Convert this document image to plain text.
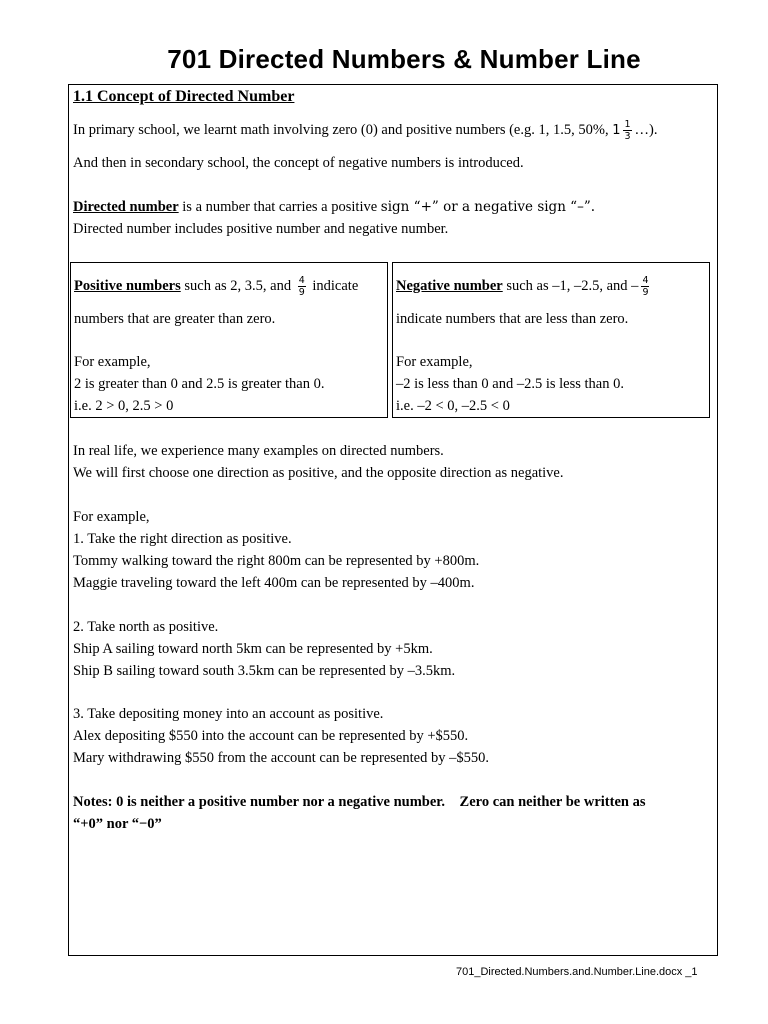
701 Directed Numbers & Number Line
1.1 Concept of Directed Number
In primary school, we learnt math involving zero (0) and positive numbers (e.g. 1, 1.5, 50%, $1 \frac{1}{3}$ …).
And then in secondary school, the concept of negative numbers is introduced.
Directed number is a number that carries a positive sign “+” or a negative sign “–”.
Directed number includes positive number and negative number.
Positive numbers such as 2, 3.5, and $\frac{4}{9}$ indicate
numbers that are greater than zero.
For example,
2 is greater than 0 and 2.5 is greater than 0.
i.e. 2 > 0, 2.5 > 0
Negative number such as –1, –2.5, and – $\frac{4}{9}$
indicate numbers that are less than zero.
For example,
–2 is less than 0 and –2.5 is less than 0.
i.e. –2 < 0, –2.5 < 0
In real life, we experience many examples on directed numbers.
We will first choose one direction as positive, and the opposite direction as negative.
For example,
1. Take the right direction as positive.
Tommy walking toward the right 800m can be represented by +800m.
Maggie traveling toward the left 400m can be represented by –400m.
2. Take north as positive.
Ship A sailing toward north 5km can be represented by +5km.
Ship B sailing toward south 3.5km can be represented by –3.5km.
3. Take depositing money into an account as positive.
Alex depositing $550 into the account can be represented by +$550.
Mary withdrawing $550 from the account can be represented by –$550.
Notes: 0 is neither a positive number nor a negative number.    Zero can neither be written as
“+0” nor “−0”
701_Directed.Numbers.and.Number.Line.docx _1
